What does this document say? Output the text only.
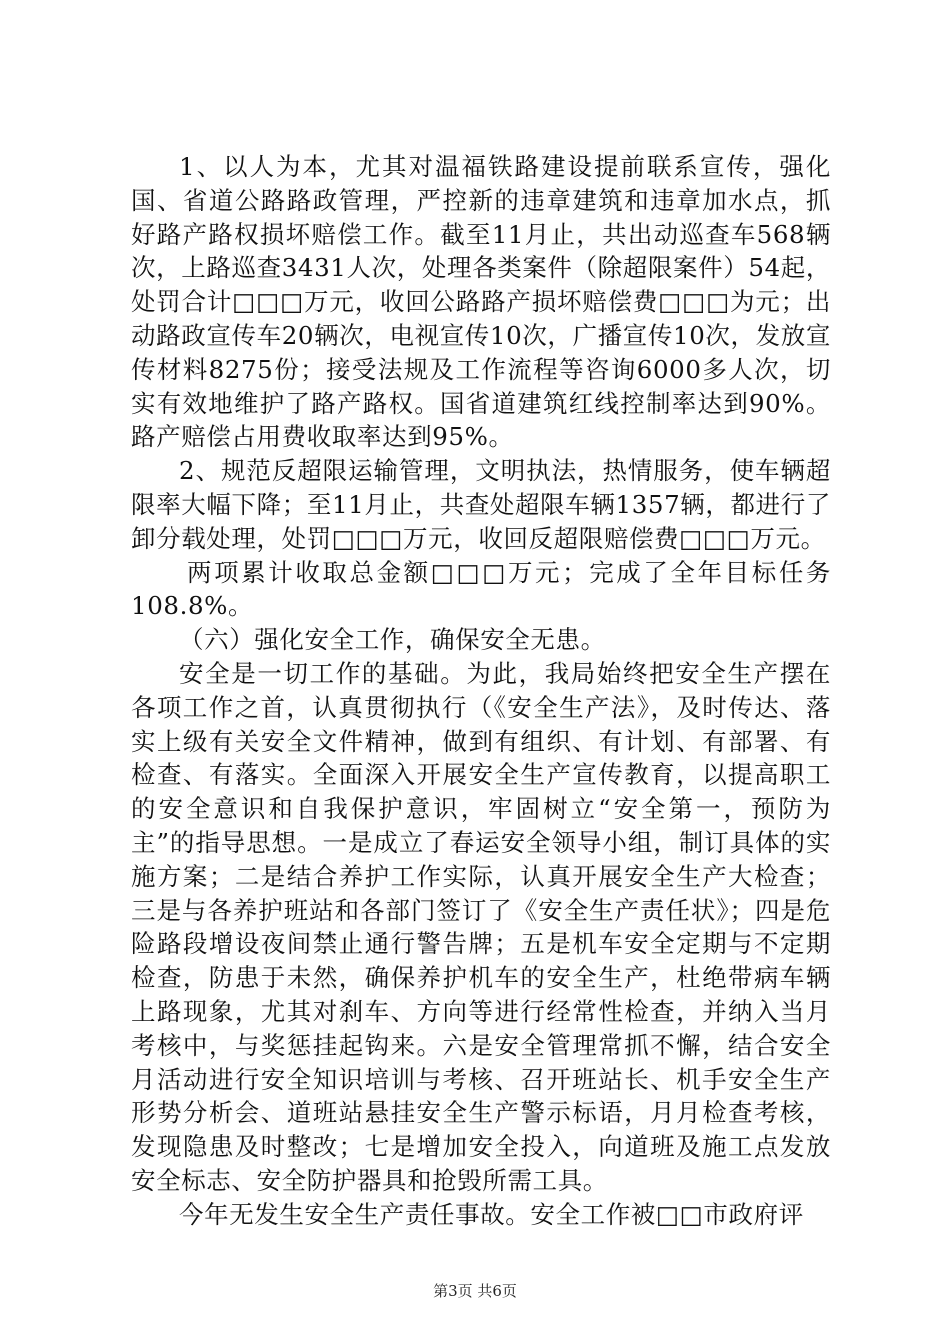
1、以人为本，尤其对温福铁路建设提前联系宣传，强化国、省道公路路政管理，严控新的违章建筑和违章加水点，抓好路产路权损坏赔偿工作。截至11月止，共出动巡查车568辆次，上路巡查3431人次，处理各类案件（除超限案件）54起，处罚合计□□□万元，收回公路路产损坏赔偿费□□□为元；出动路政宣传车20辆次，电视宣传10次，广播宣传10次，发放宣传材料8275份；接受法规及工作流程等咨询6000多人次，切实有效地维护了路产路权。国省道建筑红线控制率达到90%。路产赔偿占用费收取率达到95%。

2、规范反超限运输管理，文明执法，热情服务，使车辆超限率大幅下降；至11月止，共查处超限车辆1357辆，都进行了卸分载处理，处罚□□□万元，收回反超限赔偿费□□□万元。

两项累计收取总金额□□□万元；完成了全年目标任务108.8%。

（六）强化安全工作，确保安全无患。

安全是一切工作的基础。为此，我局始终把安全生产摆在各项工作之首，认真贯彻执行（《安全生产法》，及时传达、落实上级有关安全文件精神，做到有组织、有计划、有部署、有检查、有落实。全面深入开展安全生产宣传教育，以提高职工的安全意识和自我保护意识，牢固树立“安全第一，预防为主”的指导思想。一是成立了春运安全领导小组，制订具体的实施方案；二是结合养护工作实际，认真开展安全生产大检查；三是与各养护班站和各部门签订了《安全生产责任状》；四是危险路段增设夜间禁止通行警告牌；五是机车安全定期与不定期检查，防患于未然，确保养护机车的安全生产，杜绝带病车辆上路现象，尤其对刹车、方向等进行经常性检查，并纳入当月考核中，与奖惩挂起钩来。六是安全管理常抓不懈，结合安全月活动进行安全知识培训与考核、召开班站长、机手安全生产形势分析会、道班站悬挂安全生产警示标语，月月检查考核，发现隐患及时整改；七是增加安全投入，向道班及施工点发放安全标志、安全防护器具和抢毁所需工具。

今年无发生安全生产责任事故。安全工作被□□市政府评

第3页 共6页
